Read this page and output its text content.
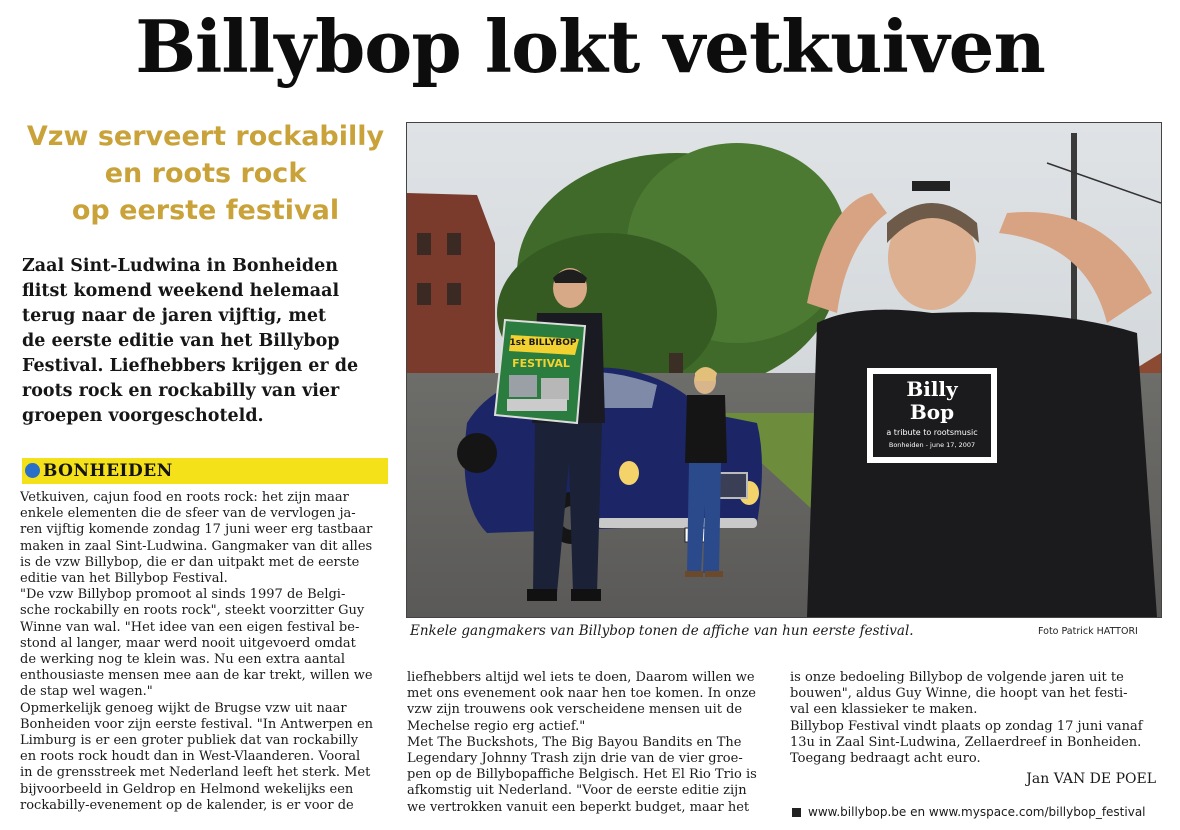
Billybop lokt vetkuiven
Vzw serveert rockabilly
en roots rock
op eerste festival
Zaal Sint-Ludwina in Bonheiden
flitst komend weekend helemaal
terug naar de jaren vijftig, met
de eerste editie van het Billybop
Festival. Liefhebbers krijgen er de
roots rock en rockabilly van vier
groepen voorgeschoteld.
BONHEIDEN
Vetkuiven, cajun food en roots rock: het zijn maar
enkele elementen die de sfeer van de vervlogen ja-
ren vijftig komende zondag 17 juni weer erg tastbaar
maken in zaal Sint-Ludwina. Gangmaker van dit alles
is de vzw Billybop, die er dan uitpakt met de eerste
editie van het Billybop Festival.
"De vzw Billybop promoot al sinds 1997 de Belgi-
sche rockabilly en roots rock", steekt voorzitter Guy
Winne van wal. "Het idee van een eigen festival be-
stond al langer, maar werd nooit uitgevoerd omdat
de werking nog te klein was. Nu een extra aantal
enthousiaste mensen mee aan de kar trekt, willen we
de stap wel wagen."
Opmerkelijk genoeg wijkt de Brugse vzw uit naar
Bonheiden voor zijn eerste festival. "In Antwerpen en
Limburg is er een groter publiek dat van rockabilly
en roots rock houdt dan in West-Vlaanderen. Vooral
in de grensstreek met Nederland leeft het sterk. Met
bijvoorbeeld in Geldrop en Helmond wekelijks een
rockabilly-evenement op de kalender, is er voor de
1st BILLYBOP
FESTIVAL
Billy
Bop
a tribute to rootsmusic
Bonheiden - june 17, 2007
Enkele gangmakers van Billybop tonen de affiche van hun eerste festival.	Foto Patrick HATTORI
liefhebbers altijd wel iets te doen, Daarom willen we
met ons evenement ook naar hen toe komen. In onze
vzw zijn trouwens ook verscheidene mensen uit de
Mechelse regio erg actief."
Met The Buckshots, The Big Bayou Bandits en The
Legendary Johnny Trash zijn drie van de vier groe-
pen op de Billybopaffiche Belgisch. Het El Rio Trio is
afkomstig uit Nederland. "Voor de eerste editie zijn
we vertrokken vanuit een beperkt budget, maar het
is onze bedoeling Billybop de volgende jaren uit te
bouwen", aldus Guy Winne, die hoopt van het festi-
val een klassieker te maken.
Billybop Festival vindt plaats op zondag 17 juni vanaf
13u in Zaal Sint-Ludwina, Zellaerdreef in Bonheiden.
Toegang bedraagt acht euro.
Jan VAN DE POEL
www.billybop.be en www.myspace.com/billybop_festival
